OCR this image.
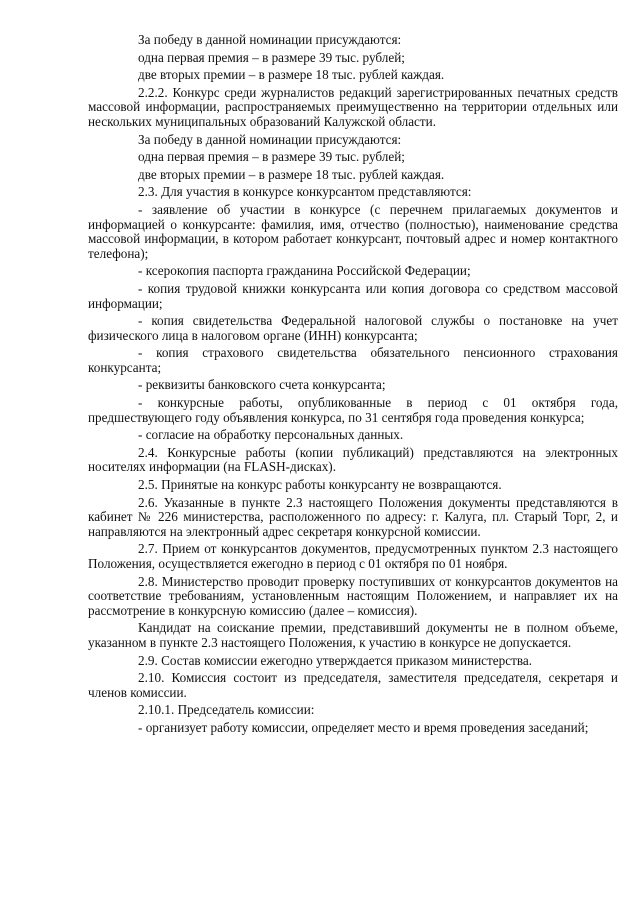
За победу в данной номинации присуждаются:

одна первая премия – в размере 39 тыс. рублей;

две вторых премии – в размере 18 тыс. рублей каждая.

2.2.2. Конкурс среди журналистов редакций зарегистрированных печатных средств массовой информации, распространяемых преимущественно на территории отдельных или нескольких муниципальных образований Калужской области.

За победу в данной номинации присуждаются:

одна первая премия – в размере 39 тыс. рублей;

две вторых премии – в размере 18 тыс. рублей каждая.

2.3. Для участия в конкурсе конкурсантом представляются:

- заявление об участии в конкурсе (с перечнем прилагаемых документов и информацией о конкурсанте: фамилия, имя, отчество (полностью), наименование средства массовой информации, в котором работает конкурсант, почтовый адрес и номер контактного телефона);

- ксерокопия паспорта гражданина Российской Федерации;

- копия трудовой книжки конкурсанта или копия договора со средством массовой информации;

- копия свидетельства Федеральной налоговой службы о постановке на учет физического лица в налоговом органе (ИНН) конкурсанта;

- копия страхового свидетельства обязательного пенсионного страхования конкурсанта;

- реквизиты банковского счета конкурсанта;

- конкурсные работы, опубликованные в период с 01 октября года, предшествующего году объявления конкурса, по 31 сентября года проведения конкурса;

- согласие на обработку персональных данных.

2.4. Конкурсные работы (копии публикаций) представляются на электронных носителях информации (на FLASH-дисках).

2.5. Принятые на конкурс работы конкурсанту не возвращаются.

2.6. Указанные в пункте 2.3 настоящего Положения документы представляются в кабинет № 226 министерства, расположенного по адресу: г. Калуга, пл. Старый Торг, 2, и направляются на электронный адрес секретаря конкурсной комиссии.

2.7. Прием от конкурсантов документов, предусмотренных пунктом 2.3 настоящего Положения, осуществляется ежегодно в период с 01 октября по 01 ноября.

2.8. Министерство проводит проверку поступивших от конкурсантов документов на соответствие требованиям, установленным настоящим Положением, и направляет их на рассмотрение в конкурсную комиссию (далее – комиссия).

Кандидат на соискание премии, представивший документы не в полном объеме, указанном в пункте 2.3 настоящего Положения, к участию в конкурсе не допускается.

2.9. Состав комиссии ежегодно утверждается приказом министерства.

2.10. Комиссия состоит из председателя, заместителя председателя, секретаря и членов комиссии.

2.10.1. Председатель комиссии:

- организует работу комиссии, определяет место и время проведения заседаний;
